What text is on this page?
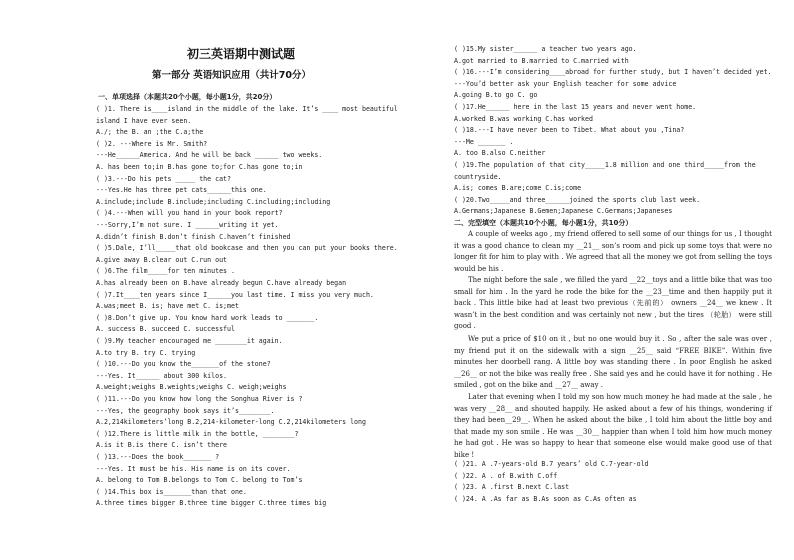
初三英语期中测试题
第一部分 英语知识应用（共计70分）
一、单项选择（本题共20个小题，每小题1分，共20分）
( )1. There is____island in the middle of the lake. It’s ____ most beautiful
island I have ever seen.
A./; the B. an ;the C.a;the
( )2. ---Where is Mr. Smith?
---He______America. And he will be back ______ two weeks.
A. has been to;in B.has gone to;for C.has gone to;in
( )3.---Do his pets _____ the cat?
---Yes.He has three pet cats______this one.
A.include;include B.include;including C.including;including
( )4.---When will you hand in your book report?
---Sorry,I’m not sure. I ______writing it yet.
A.didn’t finish B.don’t finish C.haven’t finished
( )5.Dale, I’ll_____that old bookcase and then you can put your books there.
A.give away B.clear out C.run out
( )6.The film_____for ten minutes .
A.has already been on B.have already begun C.have already began
( )7.It____ten years since I______you last time. I miss you very much.
A.was;meet B. is; have met C. is;met
( )8.Don’t give up. You know hard work leads to _______.
A. success B. succeed C. successful
( )9.My teacher encouraged me ________it again.
A.to try B. try C. trying
( )10.---Do you know the_______of the stone?
---Yes. It______ about 300 kilos.
A.weight;weighs B.weights;weighs C. weigh;weighs
( )11.---Do you know how long the Songhua River is ?
---Yes, the geography book says it’s________.
A.2,214kilometers’long B.2,214-kilometer-long C.2,214kilometers long
( )12.There is little milk in the bottle, ________?
A.is it B.is there C. isn’t there
( )13.---Does the book_______ ?
---Yes. It must be his. His name is on its cover.
A. belong to Tom B.belongs to Tom C. belong to Tom’s
( )14.This box is_______than that one.
A.three times bigger B.three time bigger C.three times big
( )15.My sister______ a teacher two years ago.
A.got married to B.married to C.married with
( )16.---I’m considering____abroad for further study, but I haven’t decided yet.
---You’d better ask your English teacher for some advice
A.going B.to go C. go
( )17.He______ here in the last 15 years and never went home.
A.worked B.was working C.has worked
( )18.---I have never been to Tibet. What about you ,Tina?
---Me _______ .
A. too B.also C.neither
( )19.The population of that city_____1.8 million and one third_____from the
countryside.
A.is; comes B.are;come C.is;come
( )20.Two_____and three______joined the sports club last week.
A.Germans;Japanese B.Gemen;Japanese C.Germans;Japaneses
二、完型填空（本题共10个小题，每小题1分，共10分）
A couple of weeks ago , my friend offered to sell some of our things for us , I thought it was a good chance to clean my __21__ son’s room and pick up some toys that were no longer fit for him to play with . We agreed that all the money we got from selling the toys would be his .
The night before the sale , we filled the yard __22__toys and a little bike that was too small for him . In the yard he rode the bike for the __23__time and then happily put it back . This little bike had at least two previous（先前的） owners __24__ we knew . It wasn’t in the best condition and was certainly not new , but the tires （轮胎） were still good .
We put a price of $10 on it , but no one would buy it . So , after the sale was over , my friend put it on the sidewalk with a sign __25__ said “FREE BIKE”. Within five minutes her doorbell rang. A little boy was standing there . In poor English he asked __26__ or not the bike was really free . She said yes and he could have it for nothing . He smiled , got on the bike and __27__ away .
Later that evening when I told my son how much money he had made at the sale , he was very __28__ and shouted happily. He asked about a few of his things, wondering if they had been__29__. When he asked about the bike , I told him about the little boy and that made my son smile . He was __30__ happier than when I told him how much money he had got . He was so happy to hear that someone else would make good use of that bike !
( )21. A .7-years-old B.7 years’ old C.7-year-old
( )22. A . of B.with C.off
( )23. A .first B.next C.last
( )24. A .As far as B.As soon as C.As often as
